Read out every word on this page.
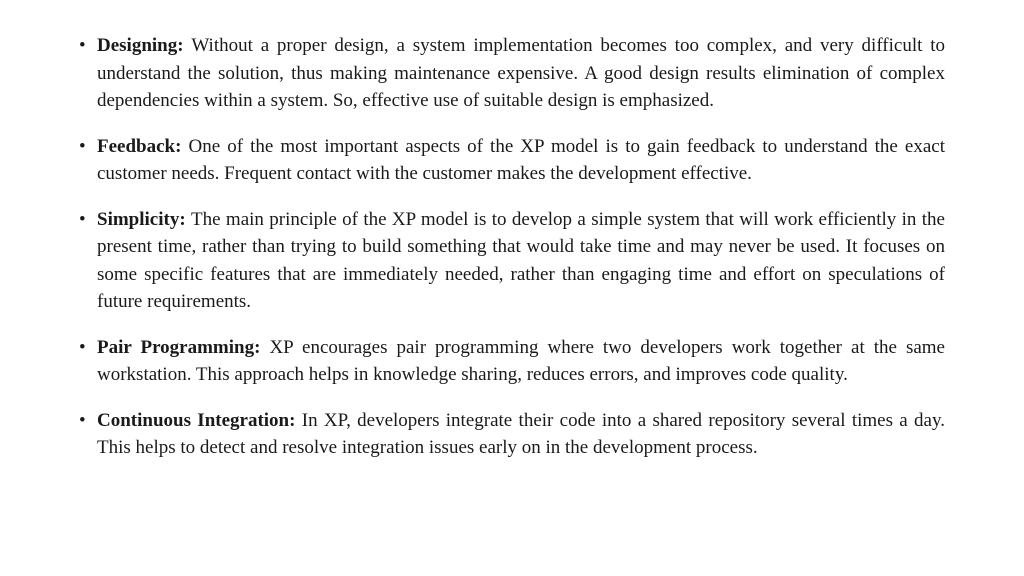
• Designing: Without a proper design, a system implementation becomes too complex, and very difficult to understand the solution, thus making maintenance expensive. A good design results elimination of complex dependencies within a system. So, effective use of suitable design is emphasized.
• Feedback: One of the most important aspects of the XP model is to gain feedback to understand the exact customer needs. Frequent contact with the customer makes the development effective.
• Simplicity: The main principle of the XP model is to develop a simple system that will work efficiently in the present time, rather than trying to build something that would take time and may never be used. It focuses on some specific features that are immediately needed, rather than engaging time and effort on speculations of future requirements.
• Pair Programming: XP encourages pair programming where two developers work together at the same workstation. This approach helps in knowledge sharing, reduces errors, and improves code quality.
• Continuous Integration: In XP, developers integrate their code into a shared repository several times a day. This helps to detect and resolve integration issues early on in the development process.
